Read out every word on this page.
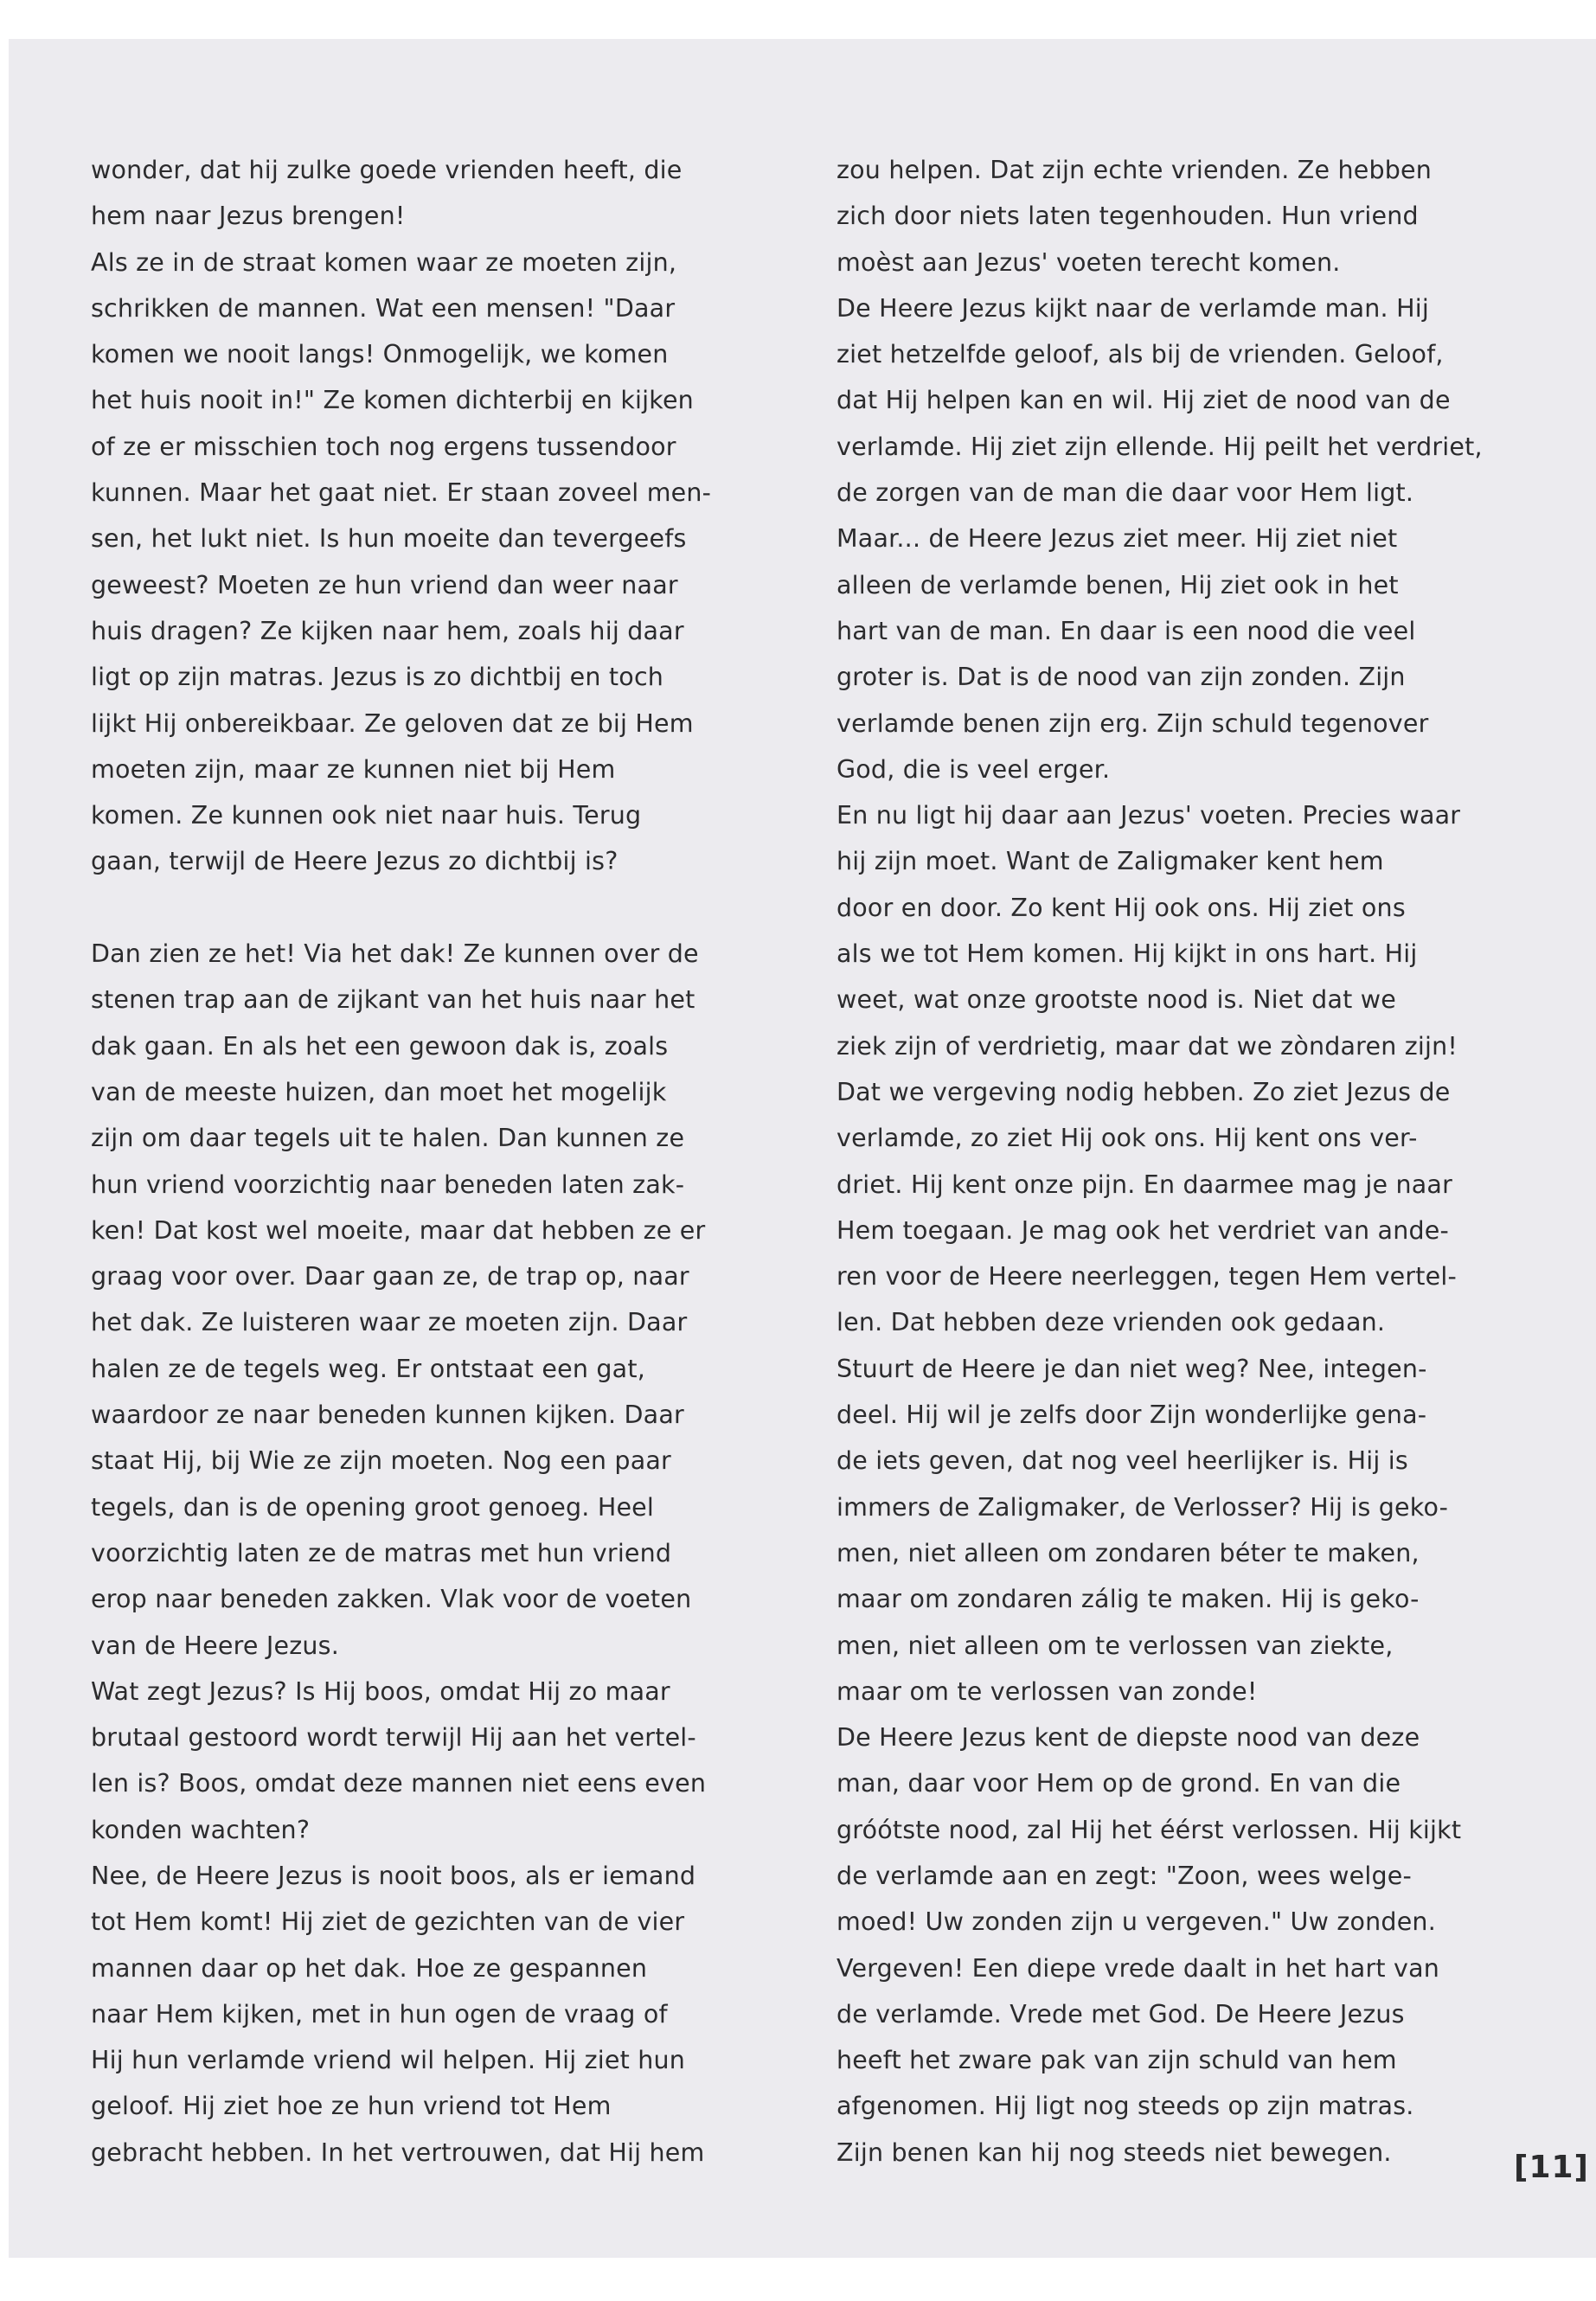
wonder, dat hij zulke goede vrienden heeft, die
hem naar Jezus brengen!
Als ze in de straat komen waar ze moeten zijn,
schrikken de mannen. Wat een mensen! "Daar
komen we nooit langs! Onmogelijk, we komen
het huis nooit in!" Ze komen dichterbij en kijken
of ze er misschien toch nog ergens tussendoor
kunnen. Maar het gaat niet. Er staan zoveel men-
sen, het lukt niet. Is hun moeite dan tevergeefs
geweest? Moeten ze hun vriend dan weer naar
huis dragen? Ze kijken naar hem, zoals hij daar
ligt op zijn matras. Jezus is zo dichtbij en toch
lijkt Hij onbereikbaar. Ze geloven dat ze bij Hem
moeten zijn, maar ze kunnen niet bij Hem
komen. Ze kunnen ook niet naar huis. Terug
gaan, terwijl de Heere Jezus zo dichtbij is?
Dan zien ze het! Via het dak! Ze kunnen over de
stenen trap aan de zijkant van het huis naar het
dak gaan. En als het een gewoon dak is, zoals
van de meeste huizen, dan moet het mogelijk
zijn om daar tegels uit te halen. Dan kunnen ze
hun vriend voorzichtig naar beneden laten zak-
ken! Dat kost wel moeite, maar dat hebben ze er
graag voor over. Daar gaan ze, de trap op, naar
het dak. Ze luisteren waar ze moeten zijn. Daar
halen ze de tegels weg. Er ontstaat een gat,
waardoor ze naar beneden kunnen kijken. Daar
staat Hij, bij Wie ze zijn moeten. Nog een paar
tegels, dan is de opening groot genoeg. Heel
voorzichtig laten ze de matras met hun vriend
erop naar beneden zakken. Vlak voor de voeten
van de Heere Jezus.
Wat zegt Jezus? Is Hij boos, omdat Hij zo maar
brutaal gestoord wordt terwijl Hij aan het vertel-
len is? Boos, omdat deze mannen niet eens even
konden wachten?
Nee, de Heere Jezus is nooit boos, als er iemand
tot Hem komt! Hij ziet de gezichten van de vier
mannen daar op het dak. Hoe ze gespannen
naar Hem kijken, met in hun ogen de vraag of
Hij hun verlamde vriend wil helpen. Hij ziet hun
geloof. Hij ziet hoe ze hun vriend tot Hem
gebracht hebben. In het vertrouwen, dat Hij hem
zou helpen. Dat zijn echte vrienden. Ze hebben
zich door niets laten tegenhouden. Hun vriend
moèst aan Jezus' voeten terecht komen.
De Heere Jezus kijkt naar de verlamde man. Hij
ziet hetzelfde geloof, als bij de vrienden. Geloof,
dat Hij helpen kan en wil. Hij ziet de nood van de
verlamde. Hij ziet zijn ellende. Hij peilt het verdriet,
de zorgen van de man die daar voor Hem ligt.
Maar... de Heere Jezus ziet meer. Hij ziet niet
alleen de verlamde benen, Hij ziet ook in het
hart van de man. En daar is een nood die veel
groter is. Dat is de nood van zijn zonden. Zijn
verlamde benen zijn erg. Zijn schuld tegenover
God, die is veel erger.
En nu ligt hij daar aan Jezus' voeten. Precies waar
hij zijn moet. Want de Zaligmaker kent hem
door en door. Zo kent Hij ook ons. Hij ziet ons
als we tot Hem komen. Hij kijkt in ons hart. Hij
weet, wat onze grootste nood is. Niet dat we
ziek zijn of verdrietig, maar dat we zòndaren zijn!
Dat we vergeving nodig hebben. Zo ziet Jezus de
verlamde, zo ziet Hij ook ons. Hij kent ons ver-
driet. Hij kent onze pijn. En daarmee mag je naar
Hem toegaan. Je mag ook het verdriet van ande-
ren voor de Heere neerleggen, tegen Hem vertel-
len. Dat hebben deze vrienden ook gedaan.
Stuurt de Heere je dan niet weg? Nee, integen-
deel. Hij wil je zelfs door Zijn wonderlijke gena-
de iets geven, dat nog veel heerlijker is. Hij is
immers de Zaligmaker, de Verlosser? Hij is geko-
men, niet alleen om zondaren béter te maken,
maar om zondaren zálig te maken. Hij is geko-
men, niet alleen om te verlossen van ziekte,
maar om te verlossen van zonde!
De Heere Jezus kent de diepste nood van deze
man, daar voor Hem op de grond. En van die
gróótste nood, zal Hij het éérst verlossen. Hij kijkt
de verlamde aan en zegt: "Zoon, wees welge-
moed! Uw zonden zijn u vergeven." Uw zonden.
Vergeven! Een diepe vrede daalt in het hart van
de verlamde. Vrede met God. De Heere Jezus
heeft het zware pak van zijn schuld van hem
afgenomen. Hij ligt nog steeds op zijn matras.
Zijn benen kan hij nog steeds niet bewegen.	[11]
